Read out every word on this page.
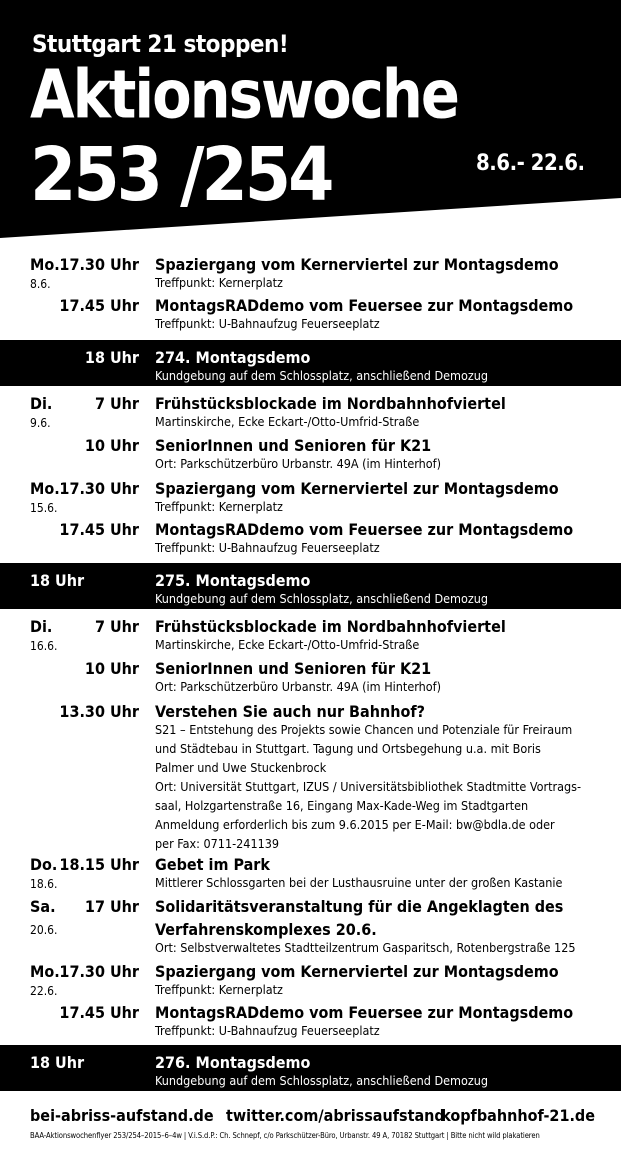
Stuttgart 21 stoppen!
Aktionswoche
253 /254	8.6.- 22.6.
Mo. 17.30 Uhr
8.6.
Spaziergang vom Kernerviertel zur Montagsdemo
Treffpunkt: Kernerplatz
17.45 Uhr MontagsRADdemo vom Feuersee zur Montagsdemo
Treffpunkt: U-Bahnaufzug Feuerseeplatz
18 Uhr 274. Montagsdemo
Kundgebung auf dem Schlossplatz, anschließend Demozug
Di.	7 Uhr
9.6.
Frühstücksblockade im Nordbahnhofviertel
Martinskirche, Ecke Eckart-/Otto-Umfrid-Straße
10 Uhr SeniorInnen und Senioren für K21
Ort: Parkschützerbüro Urbanstr. 49A (im Hinterhof)
Mo. 17.30 Uhr
15.6.
Spaziergang vom Kernerviertel zur Montagsdemo
Treffpunkt: Kernerplatz
17.45 Uhr MontagsRADdemo vom Feuersee zur Montagsdemo
Treffpunkt: U-Bahnaufzug Feuerseeplatz
18 Uhr	275. Montagsdemo
Kundgebung auf dem Schlossplatz, anschließend Demozug
Di.	7 Uhr
16.6.
Frühstücksblockade im Nordbahnhofviertel
Martinskirche, Ecke Eckart-/Otto-Umfrid-Straße
10 Uhr SeniorInnen und Senioren für K21
Ort: Parkschützerbüro Urbanstr. 49A (im Hinterhof)
13.30 Uhr Verstehen Sie auch nur Bahnhof?
S21 – Entstehung des Projekts sowie Chancen und Potenziale für Freiraum
und Städtebau in Stuttgart. Tagung und Ortsbegehung u.a. mit Boris
Palmer und Uwe Stuckenbrock
Ort: Universität Stuttgart, IZUS / Universitätsbibliothek Stadtmitte Vortrags-
saal, Holzgartenstraße 16, Eingang Max-Kade-Weg im Stadtgarten
Anmeldung erforderlich bis zum 9.6.2015 per E-Mail: bw@bdla.de oder
per Fax: 0711-241139
Do. 18.15 Uhr
18.6.
Gebet im Park
Mittlerer Schlossgarten bei der Lusthausruine unter der großen Kastanie
Sa. 17 Uhr
20.6.
Solidaritätsveranstaltung für die Angeklagten des
Verfahrenskomplexes 20.6.
Ort: Selbstverwaltetes Stadtteilzentrum Gasparitsch, Rotenbergstraße 125
Mo. 17.30 Uhr
22.6.
Spaziergang vom Kernerviertel zur Montagsdemo
Treffpunkt: Kernerplatz
17.45 Uhr MontagsRADdemo vom Feuersee zur Montagsdemo
Treffpunkt: U-Bahnaufzug Feuerseeplatz
18 Uhr	276. Montagsdemo
Kundgebung auf dem Schlossplatz, anschließend Demozug
bei-abriss-aufstand.de twitter.com/abrissaufstand
kopfbahnhof-21.de
BAA-Aktionswochenflyer 253/254–2015–6–4w | V.i.S.d.P.: Ch. Schnepf, c/o Parkschützer-Büro, Urbanstr. 49 A, 70182 Stuttgart | Bitte nicht wild plakatieren
